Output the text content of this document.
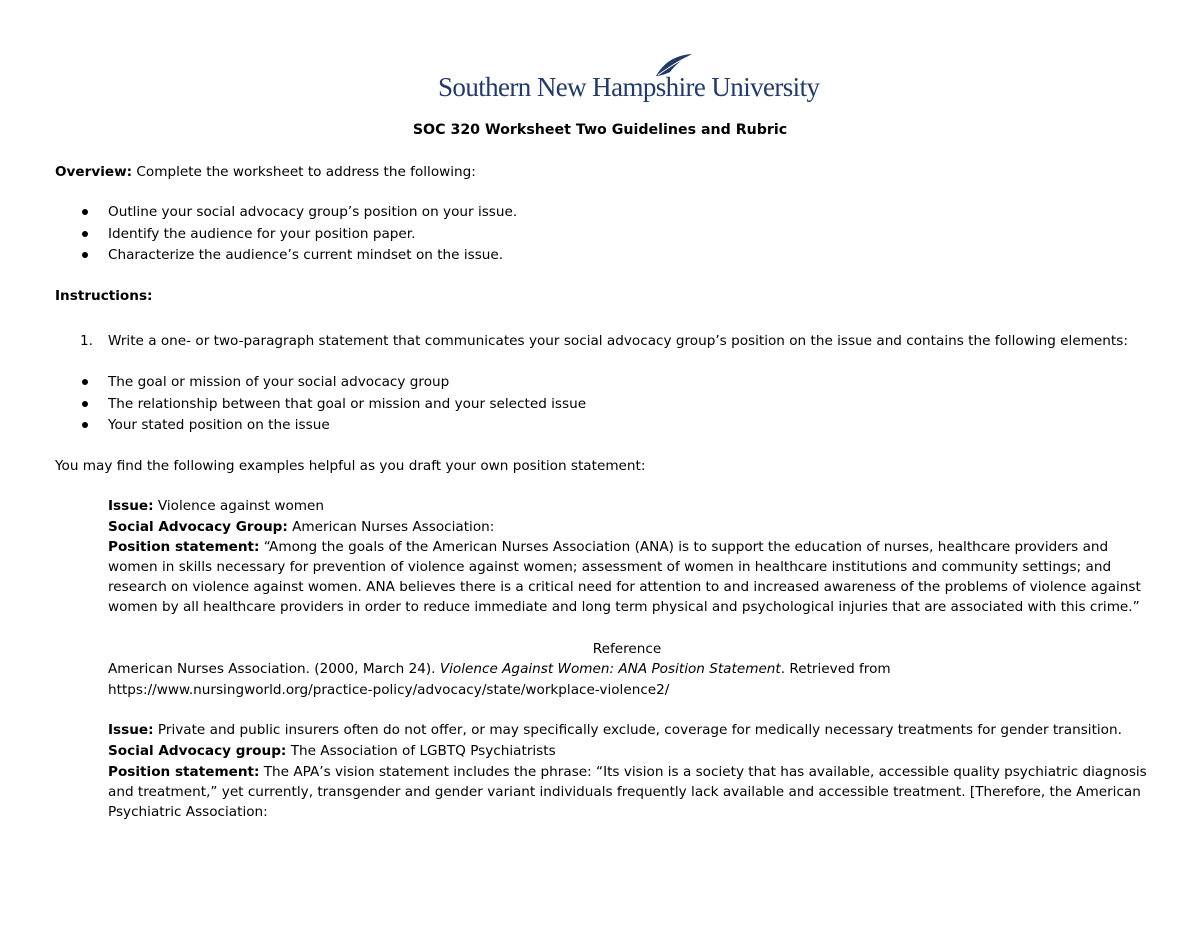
Southern New Hampshire University
SOC 320 Worksheet Two Guidelines and Rubric
Overview: Complete the worksheet to address the following:
Outline your social advocacy group’s position on your issue.
Identify the audience for your position paper.
Characterize the audience’s current mindset on the issue.
Instructions:
1. Write a one- or two-paragraph statement that communicates your social advocacy group’s position on the issue and contains the following elements:
The goal or mission of your social advocacy group
The relationship between that goal or mission and your selected issue
Your stated position on the issue
You may find the following examples helpful as you draft your own position statement:
Issue: Violence against women
Social Advocacy Group: American Nurses Association:
Position statement: “Among the goals of the American Nurses Association (ANA) is to support the education of nurses, healthcare providers and women in skills necessary for prevention of violence against women; assessment of women in healthcare institutions and community settings; and research on violence against women. ANA believes there is a critical need for attention to and increased awareness of the problems of violence against women by all healthcare providers in order to reduce immediate and long term physical and psychological injuries that are associated with this crime.”
Reference
American Nurses Association. (2000, March 24). Violence Against Women: ANA Position Statement. Retrieved from
https://www.nursingworld.org/practice-policy/advocacy/state/workplace-violence2/
Issue: Private and public insurers often do not offer, or may specifically exclude, coverage for medically necessary treatments for gender transition.
Social Advocacy group: The Association of LGBTQ Psychiatrists
Position statement: The APA’s vision statement includes the phrase: “Its vision is a society that has available, accessible quality psychiatric diagnosis and treatment,” yet currently, transgender and gender variant individuals frequently lack available and accessible treatment. [Therefore, the American Psychiatric Association:
